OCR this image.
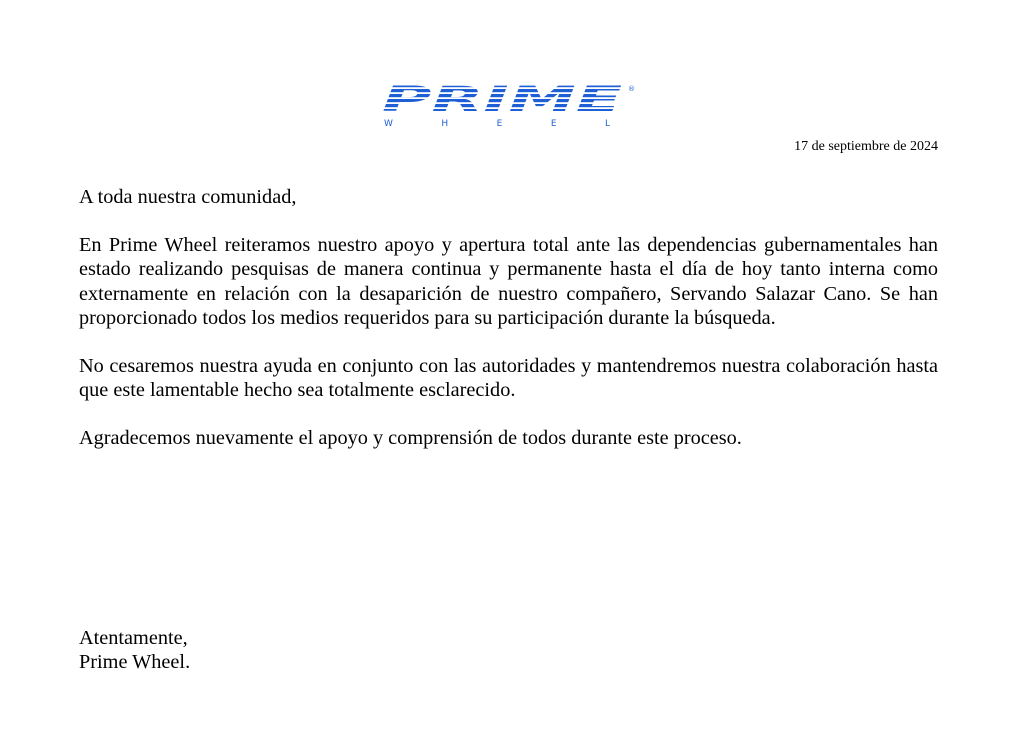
PRIME ®
WHEEL
17 de septiembre de 2024

A toda nuestra comunidad,

En Prime Wheel reiteramos nuestro apoyo y apertura total ante las dependencias gubernamentales han estado realizando pesquisas de manera continua y permanente hasta el día de hoy tanto interna como externamente en relación con la desaparición de nuestro compañero, Servando Salazar Cano. Se han proporcionado todos los medios requeridos para su participación durante la búsqueda.

No cesaremos nuestra ayuda en conjunto con las autoridades y mantendremos nuestra colaboración hasta que este lamentable hecho sea totalmente esclarecido.

Agradecemos nuevamente el apoyo y comprensión de todos durante este proceso.

Atentamente,
Prime Wheel.
